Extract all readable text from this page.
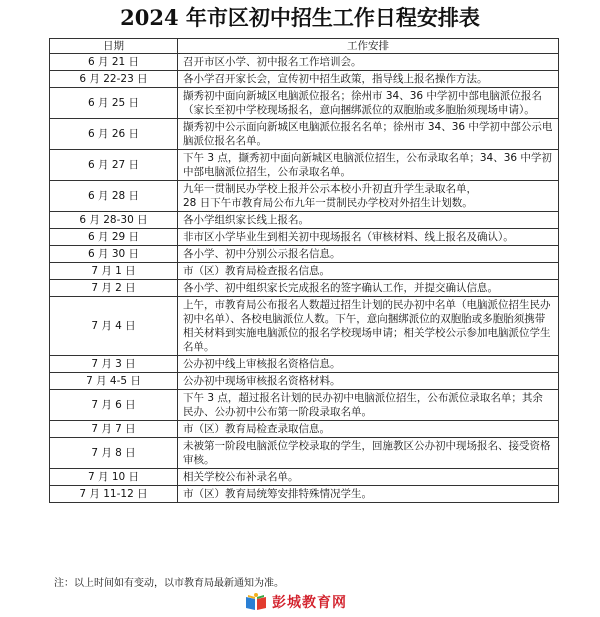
2024 年市区初中招生工作日程安排表
日期	工作安排
6 月 21 日	召开市区小学、初中报名工作培训会。
6 月 22-23 日	各小学召开家长会，宣传初中招生政策，指导线上报名操作方法。
6 月 25 日	撷秀初中面向新城区电脑派位报名；徐州市 34、36 中学初中部电脑派位报名（家长至初中学校现场报名，意向捆绑派位的双胞胎或多胞胎须现场申请）。
6 月 26 日	撷秀初中公示面向新城区电脑派位报名名单；徐州市 34、36 中学初中部公示电脑派位报名名单。
6 月 27 日	下午 3 点，撷秀初中面向新城区电脑派位招生，公布录取名单；34、36 中学初中部电脑派位招生，公布录取名单。
6 月 28 日	九年一贯制民办学校上报并公示本校小升初直升学生录取名单，
28 日下午市教育局公布九年一贯制民办学校对外招生计划数。
6 月 28-30 日	各小学组织家长线上报名。
6 月 29 日	非市区小学毕业生到相关初中现场报名（审核材料、线上报名及确认）。
6 月 30 日	各小学、初中分别公示报名信息。
7 月 1 日	市（区）教育局检查报名信息。
7 月 2 日	各小学、初中组织家长完成报名的签字确认工作，并提交确认信息。
7 月 4 日	上午，市教育局公布报名人数超过招生计划的民办初中名单（电脑派位招生民办初中名单）、各校电脑派位人数。下午，意向捆绑派位的双胞胎或多胞胎须携带相关材料到实施电脑派位的报名学校现场申请；相关学校公示参加电脑派位学生名单。
7 月 3 日	公办初中线上审核报名资格信息。
7 月 4-5 日	公办初中现场审核报名资格材料。
7 月 6 日	下午 3 点，超过报名计划的民办初中电脑派位招生，公布派位录取名单；其余民办、公办初中公布第一阶段录取名单。
7 月 7 日	市（区）教育局检查录取信息。
7 月 8 日	未被第一阶段电脑派位学校录取的学生，回施教区公办初中现场报名、接受资格审核。
7 月 10 日	相关学校公布补录名单。
7 月 11-12 日	市（区）教育局统筹安排特殊情况学生。
注：以上时间如有变动，以市教育局最新通知为准。
彭城教育网
